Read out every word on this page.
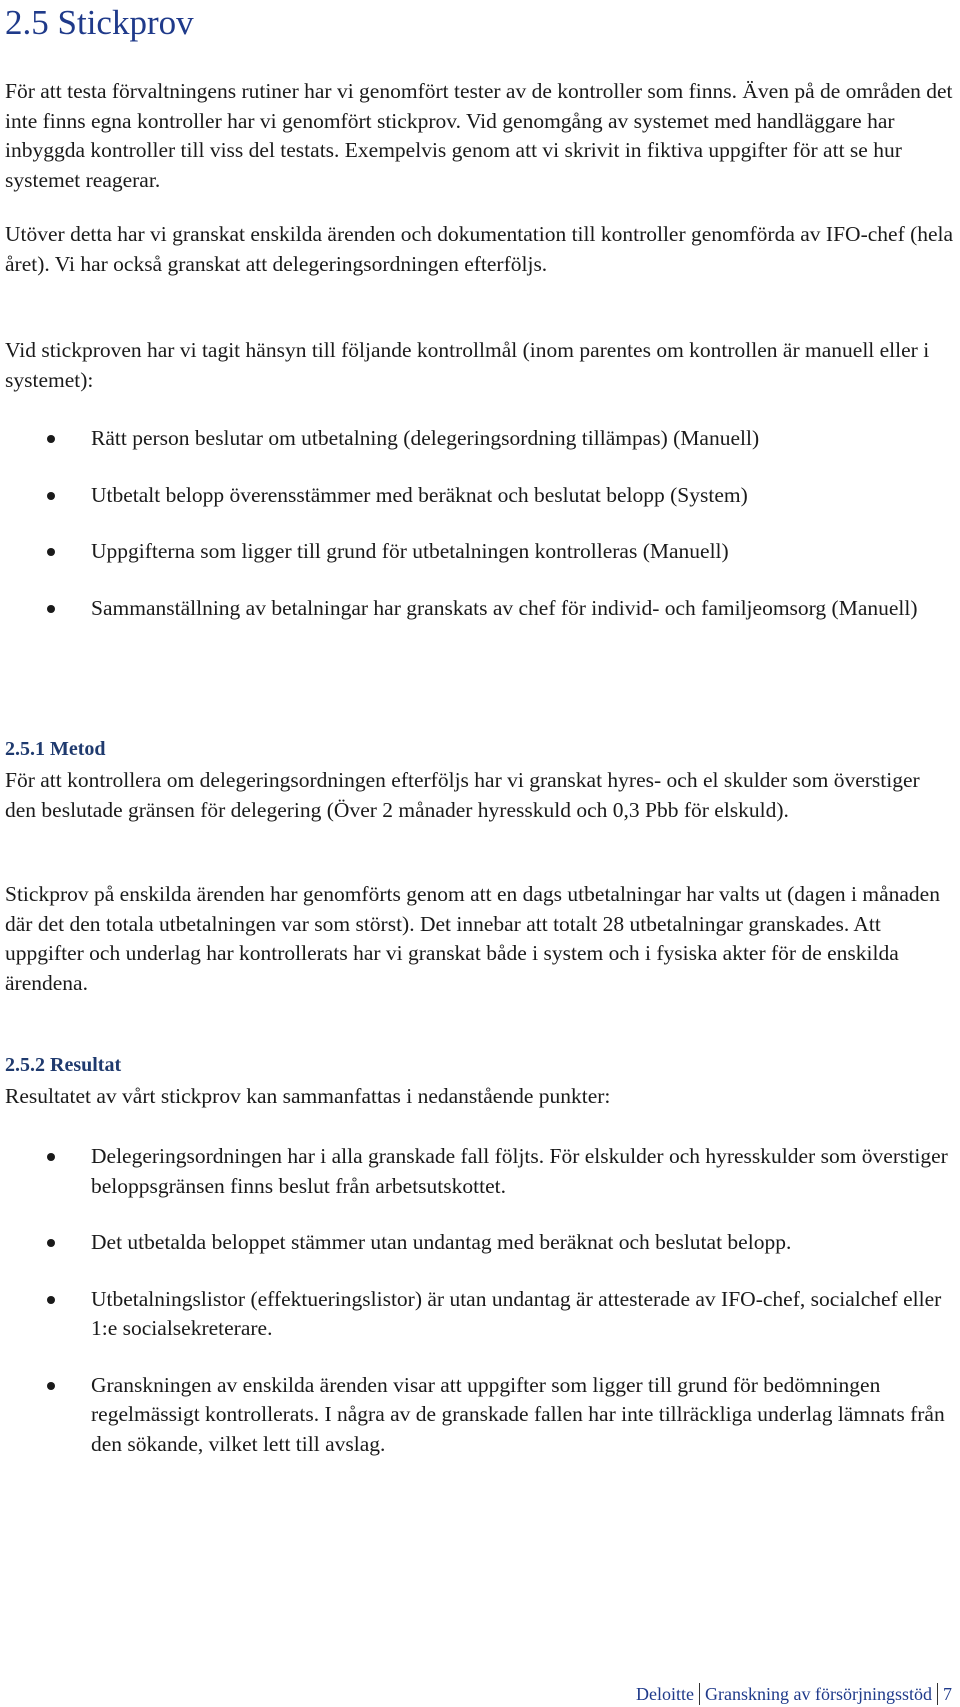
2.5 Stickprov

För att testa förvaltningens rutiner har vi genomfört tester av de kontroller som finns. Även på de områden det inte finns egna kontroller har vi genomfört stickprov. Vid genomgång av systemet med handläggare har inbyggda kontroller till viss del testats. Exempelvis genom att vi skrivit in fiktiva uppgifter för att se hur systemet reagerar.

Utöver detta har vi granskat enskilda ärenden och dokumentation till kontroller genomförda av IFO-chef (hela året). Vi har också granskat att delegeringsordningen efterföljs.

Vid stickproven har vi tagit hänsyn till följande kontrollmål (inom parentes om kontrollen är manuell eller i systemet):

Rätt person beslutar om utbetalning (delegeringsordning tillämpas) (Manuell)
Utbetalt belopp överensstämmer med beräknat och beslutat belopp (System)
Uppgifterna som ligger till grund för utbetalningen kontrolleras (Manuell)
Sammanställning av betalningar har granskats av chef för individ- och familjeomsorg (Manuell)
2.5.1 Metod

För att kontrollera om delegeringsordningen efterföljs har vi granskat hyres- och el skulder som överstiger den beslutade gränsen för delegering (Över 2 månader hyresskuld och 0,3 Pbb för elskuld).

Stickprov på enskilda ärenden har genomförts genom att en dags utbetalningar har valts ut (dagen i månaden där det den totala utbetalningen var som störst). Det innebar att totalt 28 utbetalningar granskades. Att uppgifter och underlag har kontrollerats har vi granskat både i system och i fysiska akter för de enskilda ärendena.

2.5.2 Resultat

Resultatet av vårt stickprov kan sammanfattas i nedanstående punkter:

Delegeringsordningen har i alla granskade fall följts. För elskulder och hyresskulder som överstiger beloppsgränsen finns beslut från arbetsutskottet.
Det utbetalda beloppet stämmer utan undantag med beräknat och beslutat belopp.
Utbetalningslistor (effektueringslistor) är utan undantag är attesterade av IFO-chef, socialchef eller 1:e socialsekreterare.
Granskningen av enskilda ärenden visar att uppgifter som ligger till grund för bedömningen regelmässigt kontrollerats. I några av de granskade fallen har inte tillräckliga underlag lämnats från den sökande, vilket lett till avslag.
Deloitte Granskning av försörjningsstöd 7
